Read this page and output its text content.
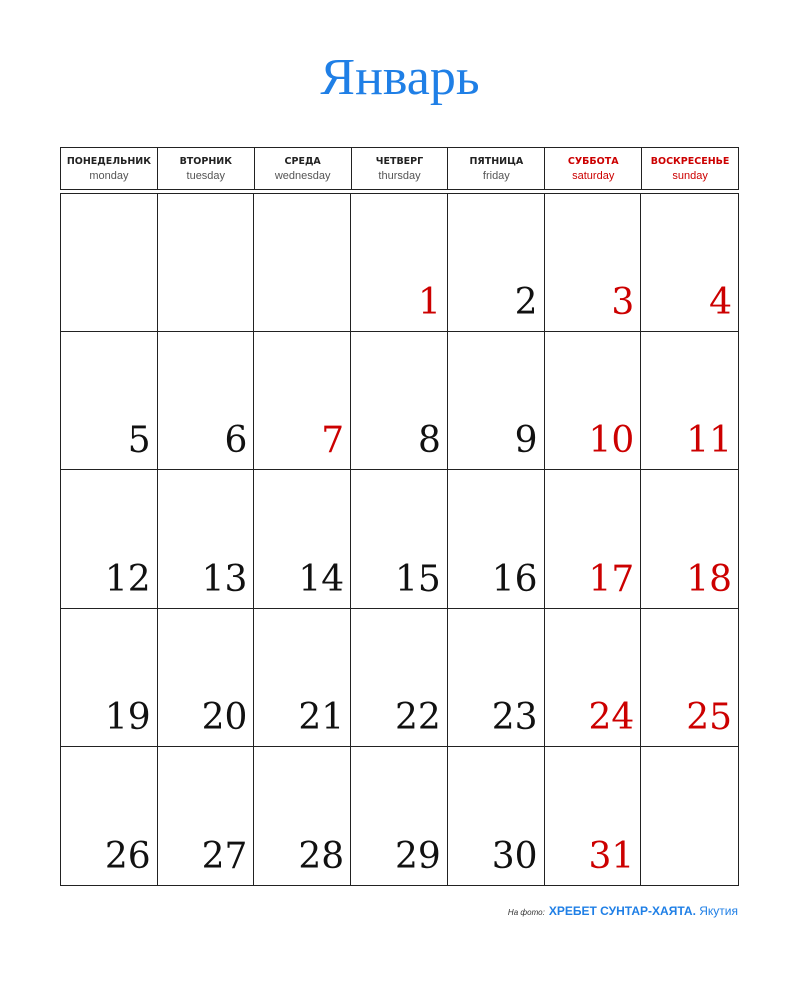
Январь
ПОНЕДЕЛЬНИК
monday
ВТОРНИК
tuesday
СРЕДА
wednesday
ЧЕТВЕРГ
thursday
ПЯТНИЦА
friday
СУББОТА
saturday
ВОСКРЕСЕНЬЕ
sunday
1 2 3 4
5 6 7 8 9 10 11
12 13 14 15 16 17 18
19 20 21 22 23 24 25
26 27 28 29 30 31
На фото: ХРЕБЕТ СУНТАР-ХАЯТА. Якутия
